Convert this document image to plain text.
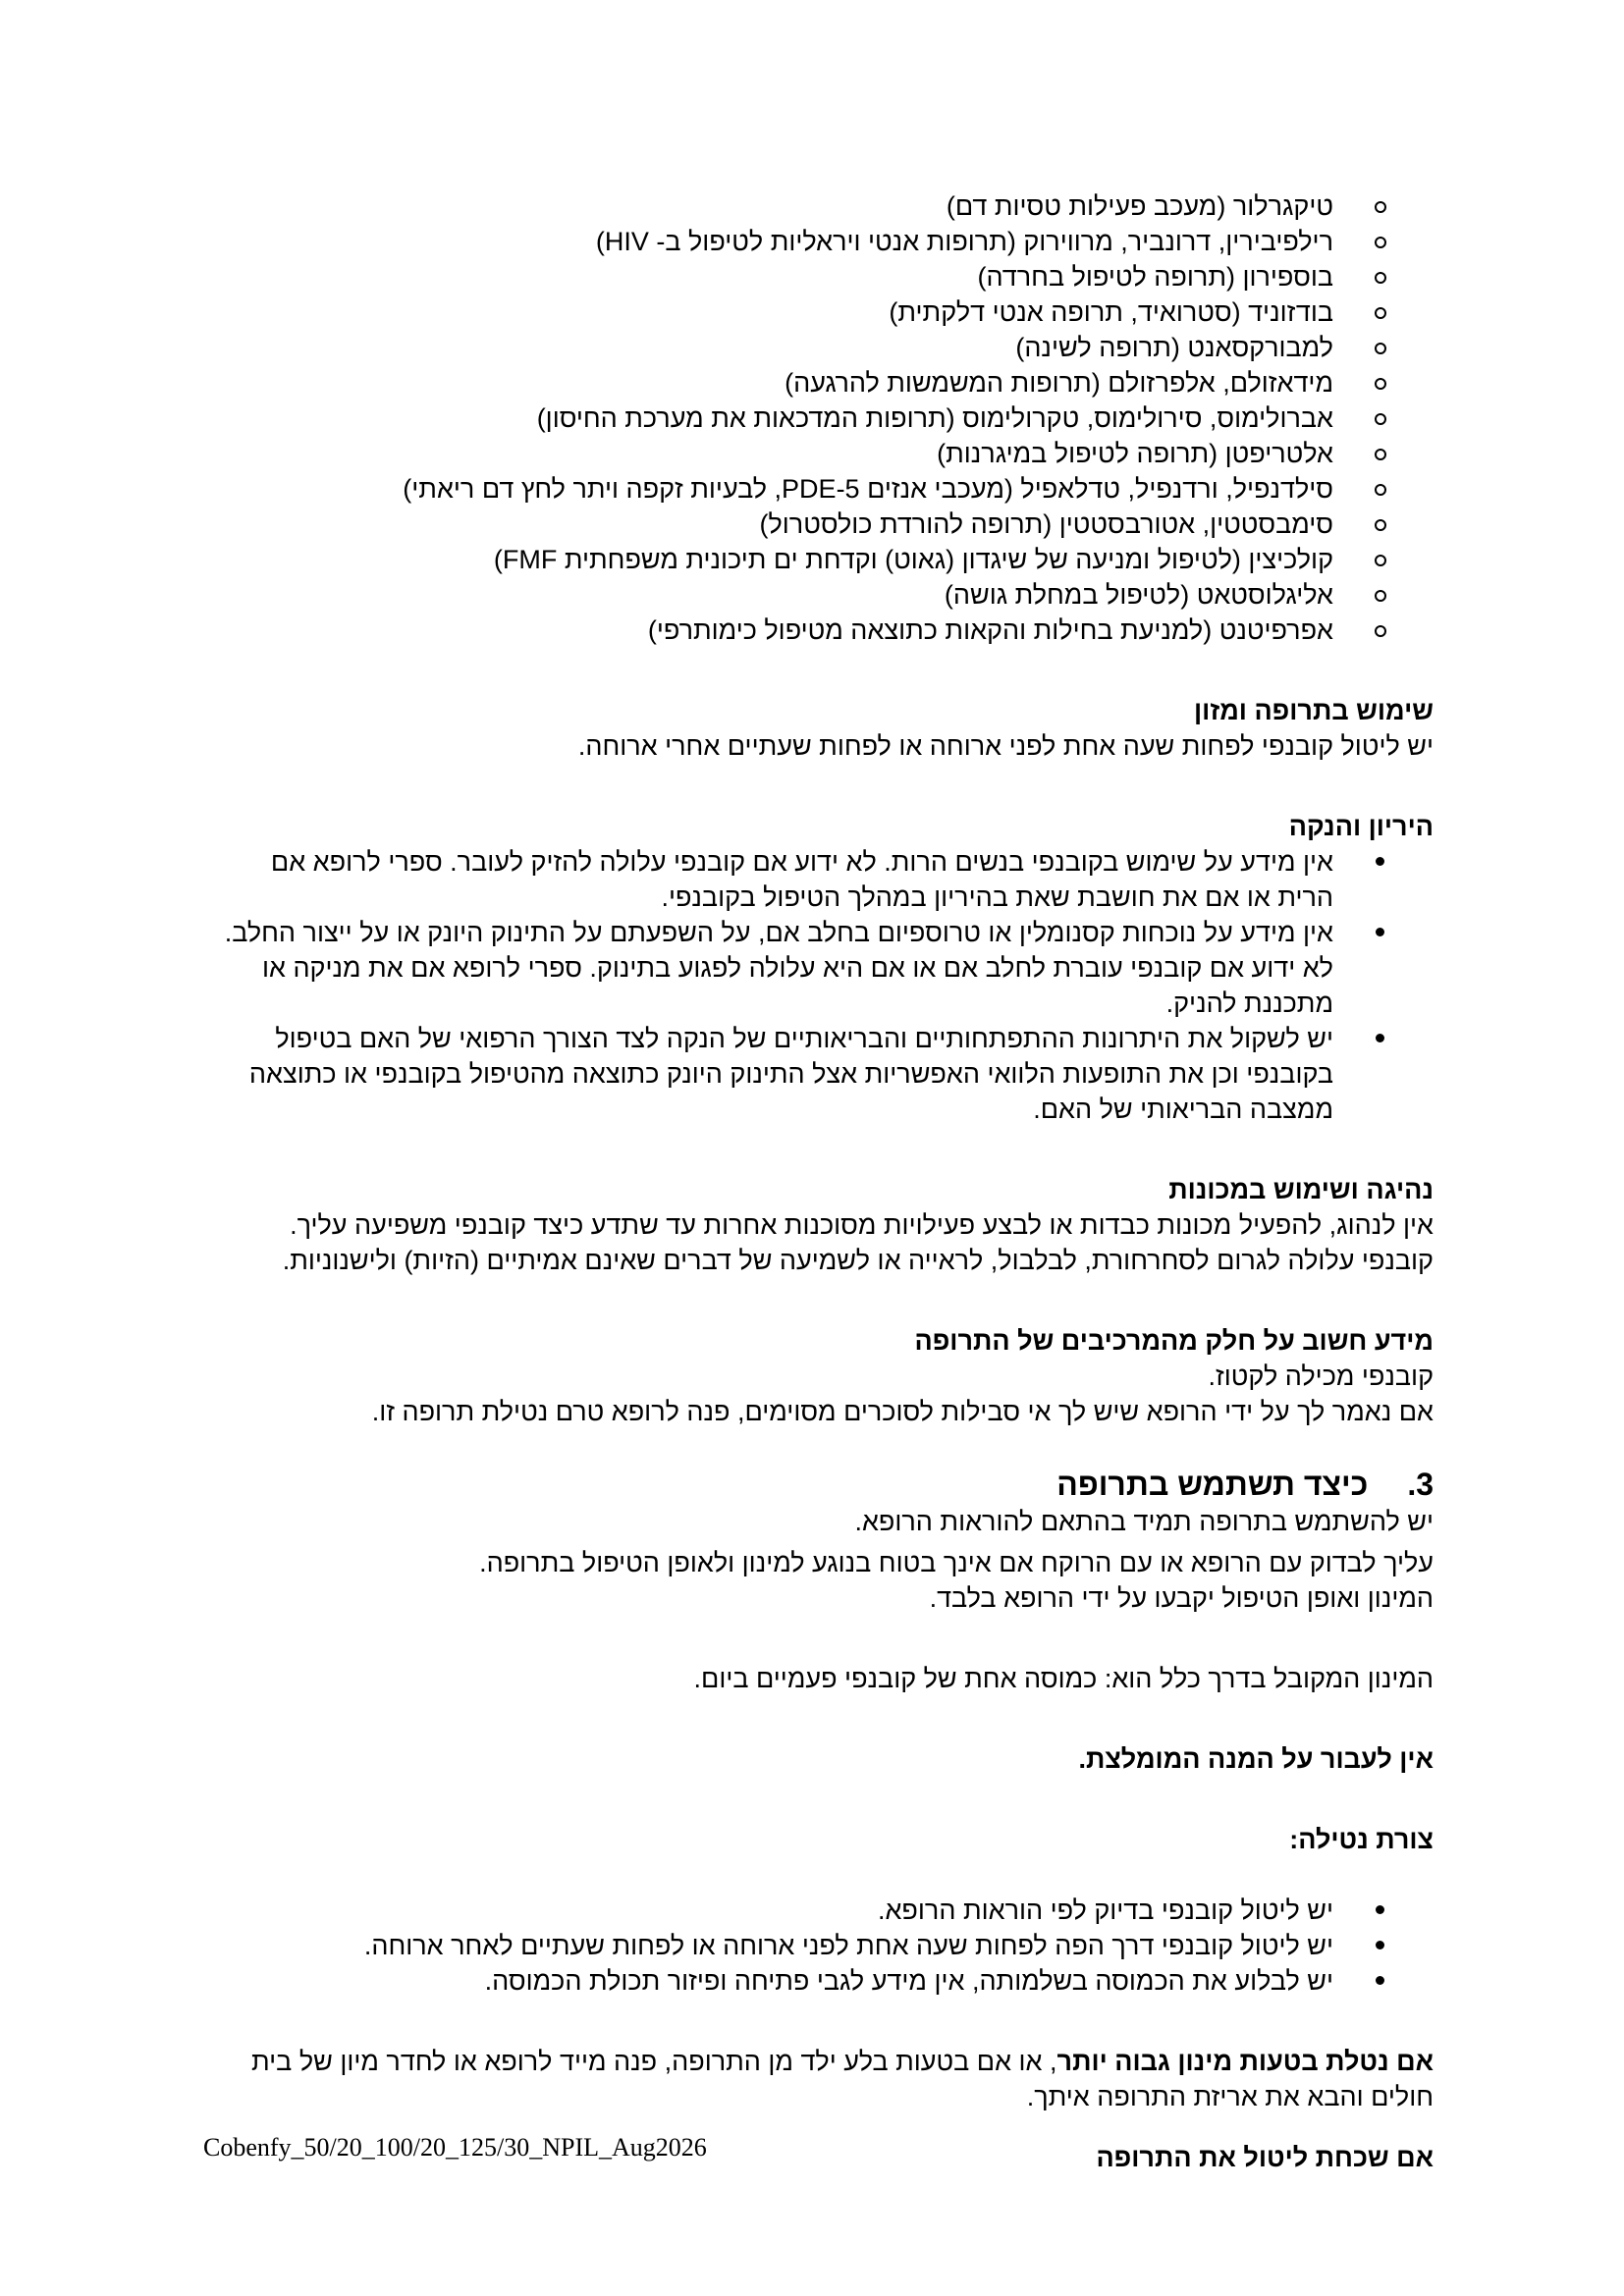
טיקגרלור (מעכב פעילות טסיות דם)
רילפיבירין, דרונביר, מרווירוק (תרופות אנטי ויראליות לטיפול ב- HIV)
בוספירון (תרופה לטיפול בחרדה)
בודזוניד (סטרואיד, תרופה אנטי דלקתית)
למבורקסאנט (תרופה לשינה)
מידאזולם, אלפרזולם (תרופות המשמשות להרגעה)
אברולימוס, סירולימוס, טקרולימוס (תרופות המדכאות את מערכת החיסון)
אלטריפטן (תרופה לטיפול במיגרנות)
סילדנפיל, ורדנפיל, טדלאפיל (מעכבי אנזים PDE-5, לבעיות זקפה ויתר לחץ דם ריאתי)
סימבסטטין, אטורבסטטין (תרופה להורדת כולסטרול)
קולכיצין (לטיפול ומניעה של שיגדון (גאוט) וקדחת ים תיכונית משפחתית FMF)
אליגלוסטאט (לטיפול במחלת גושה)
אפרפיטנט (למניעת בחילות והקאות כתוצאה מטיפול כימותרפי)

שימוש בתרופה ומזון

יש ליטול קובנפי לפחות שעה אחת לפני ארוחה או לפחות שעתיים אחרי ארוחה.

היריון והנקה

אין מידע על שימוש בקובנפי בנשים הרות. לא ידוע אם קובנפי עלולה להזיק לעובר. ספרי לרופא אם הרית או אם את חושבת שאת בהיריון במהלך הטיפול בקובנפי.
אין מידע על נוכחות קסנומלין או טרוספיום בחלב אם, על השפעתם על התינוק היונק או על ייצור החלב. לא ידוע אם קובנפי עוברת לחלב אם או אם היא עלולה לפגוע בתינוק. ספרי לרופא אם את מניקה או מתכננת להניק.
יש לשקול את היתרונות ההתפתחותיים והבריאותיים של הנקה לצד הצורך הרפואי של האם בטיפול בקובנפי וכן את התופעות הלוואי האפשריות אצל התינוק היונק כתוצאה מהטיפול בקובנפי או כתוצאה ממצבה הבריאותי של האם.

נהיגה ושימוש במכונות

אין לנהוג, להפעיל מכונות כבדות או לבצע פעילויות מסוכנות אחרות עד שתדע כיצד קובנפי משפיעה עליך.

קובנפי עלולה לגרום לסחרחורת, לבלבול, לראייה או לשמיעה של דברים שאינם אמיתיים (הזיות) ולישנוניות.

מידע חשוב על חלק מהמרכיבים של התרופה

קובנפי מכילה לקטוז.

אם נאמר לך על ידי הרופא שיש לך אי סבילות לסוכרים מסוימים, פנה לרופא טרם נטילת תרופה זו.

3.
כיצד תשתמש בתרופה

יש להשתמש בתרופה תמיד בהתאם להוראות הרופא.

עליך לבדוק עם הרופא או עם הרוקח אם אינך בטוח בנוגע למינון ולאופן הטיפול בתרופה.

המינון ואופן הטיפול יקבעו על ידי הרופא בלבד.

המינון המקובל בדרך כלל הוא: כמוסה אחת של קובנפי פעמיים ביום.

אין לעבור על המנה המומלצת.

צורת נטילה:

יש ליטול קובנפי בדיוק לפי הוראות הרופא.
יש ליטול קובנפי דרך הפה לפחות שעה אחת לפני ארוחה או לפחות שעתיים לאחר ארוחה.
יש לבלוע את הכמוסה בשלמותה, אין מידע לגבי פתיחה ופיזור תכולת הכמוסה.

אם נטלת בטעות מינון גבוה יותר, או אם בטעות בלע ילד מן התרופה, פנה מייד לרופא או לחדר מיון של בית חולים והבא את אריזת התרופה איתך.

אם שכחת ליטול את התרופה

Cobenfy_50/20_100/20_125/30_NPIL_Aug2026
